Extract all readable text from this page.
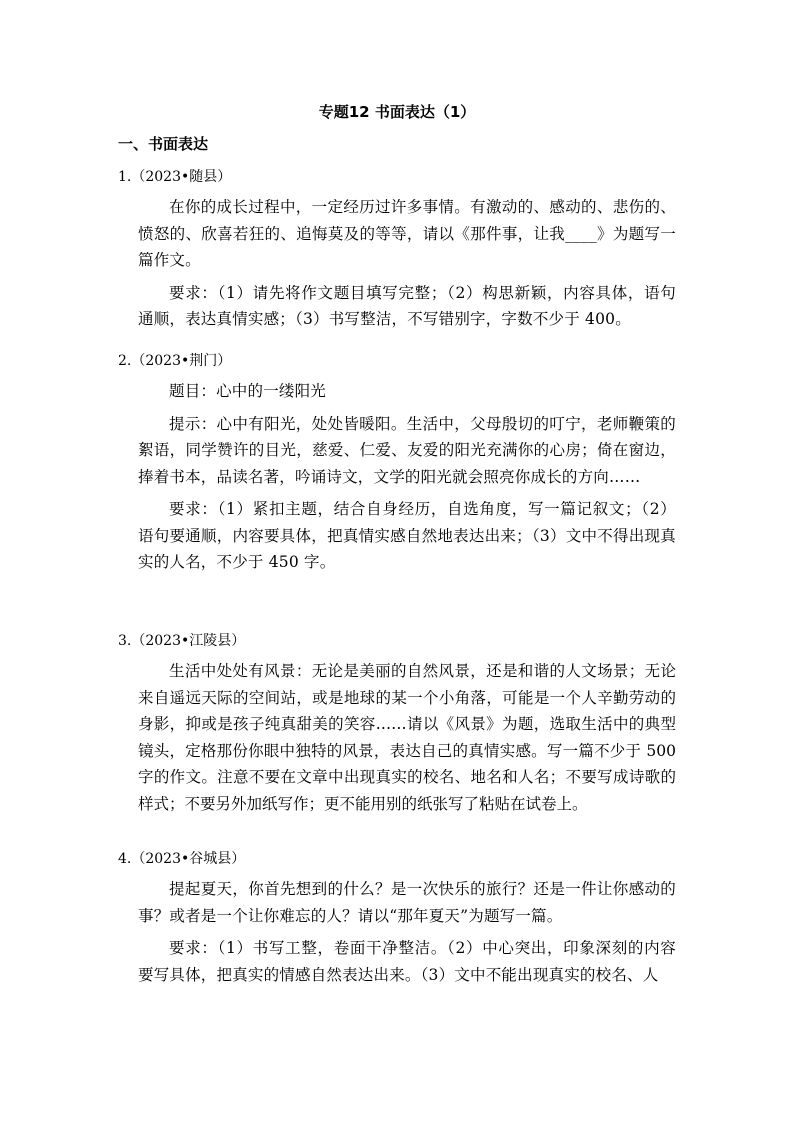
专题12 书面表达（1）
一、书面表达
1.（2023•随县）

在你的成长过程中，一定经历过许多事情。有激动的、感动的、悲伤的、愤怒的、欣喜若狂的、追悔莫及的等等，请以《那件事，让我____》为题写一篇作文。

要求：（1）请先将作文题目填写完整；（2）构思新颖，内容具体，语句通顺，表达真情实感；（3）书写整洁，不写错别字，字数不少于 400。

2.（2023•荆门）

题目：心中的一缕阳光

提示：心中有阳光，处处皆暖阳。生活中，父母殷切的叮宁，老师鞭策的絮语，同学赞许的目光，慈爱、仁爱、友爱的阳光充满你的心房；倚在窗边，捧着书本，品读名著，吟诵诗文，文学的阳光就会照亮你成长的方向……

要求：（1）紧扣主题，结合自身经历，自选角度，写一篇记叙文；（2）语句要通顺，内容要具体，把真情实感自然地表达出来；（3）文中不得出现真实的人名，不少于 450 字。

3.（2023•江陵县）

生活中处处有风景：无论是美丽的自然风景，还是和谐的人文场景；无论来自遥远天际的空间站，或是地球的某一个小角落，可能是一个人辛勤劳动的身影，抑或是孩子纯真甜美的笑容……请以《风景》为题，选取生活中的典型镜头，定格那份你眼中独特的风景，表达自己的真情实感。写一篇不少于 500 字的作文。注意不要在文章中出现真实的校名、地名和人名；不要写成诗歌的样式；不要另外加纸写作；更不能用别的纸张写了粘贴在试卷上。

4.（2023•谷城县）

提起夏天，你首先想到的什么？是一次快乐的旅行？还是一件让你感动的事？或者是一个让你难忘的人？请以“那年夏天”为题写一篇。

要求：（1）书写工整，卷面干净整洁。（2）中心突出，印象深刻的内容要写具体，把真实的情感自然表达出来。（3）文中不能出现真实的校名、人
